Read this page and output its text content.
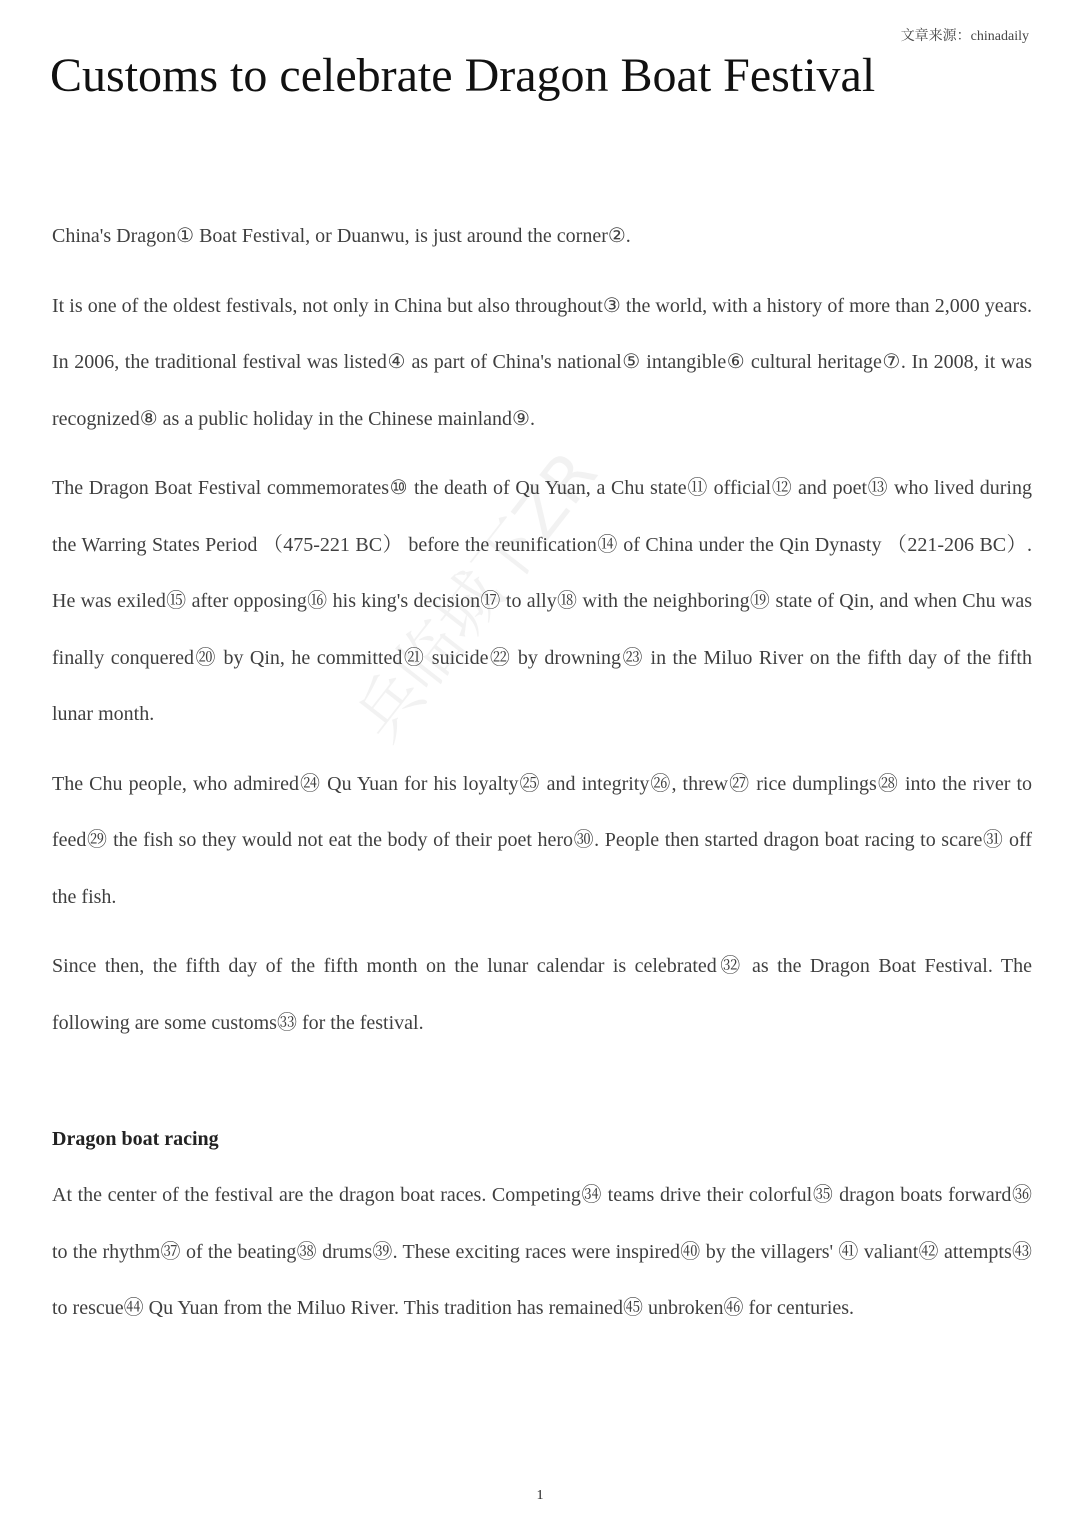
文章来源：chinadaily
Customs to celebrate Dragon Boat Festival
兵临城下ZR

China's Dragon① Boat Festival, or Duanwu, is just around the corner②.

It is one of the oldest festivals, not only in China but also throughout③ the world, with a history of more than 2,000 years. In 2006, the traditional festival was listed④ as part of China's national⑤ intangible⑥ cultural heritage⑦. In 2008, it was recognized⑧ as a public holiday in the Chinese mainland⑨.

The Dragon Boat Festival commemorates⑩ the death of Qu Yuan, a Chu state⑪ official⑫ and poet⑬ who lived during the Warring States Period （475-221 BC） before the reunification⑭ of China under the Qin Dynasty （221-206 BC）. He was exiled⑮ after opposing⑯ his king's decision⑰ to ally⑱ with the neighboring⑲ state of Qin, and when Chu was finally conquered⑳ by Qin, he committed㉑ suicide㉒ by drowning㉓ in the Miluo River on the fifth day of the fifth lunar month.

The Chu people, who admired㉔ Qu Yuan for his loyalty㉕ and integrity㉖, threw㉗ rice dumplings㉘ into the river to feed㉙ the fish so they would not eat the body of their poet hero㉚. People then started dragon boat racing to scare㉛ off the fish.

Since then, the fifth day of the fifth month on the lunar calendar is celebrated㉜ as the Dragon Boat Festival. The following are some customs㉝ for the festival.

Dragon boat racing

At the center of the festival are the dragon boat races. Competing㉞ teams drive their colorful㉟ dragon boats forward㊱ to the rhythm㊲ of the beating㊳ drums㊴. These exciting races were inspired㊵ by the villagers' ㊶ valiant㊷ attempts㊸ to rescue㊹ Qu Yuan from the Miluo River. This tradition has remained㊺ unbroken㊻ for centuries.

1
